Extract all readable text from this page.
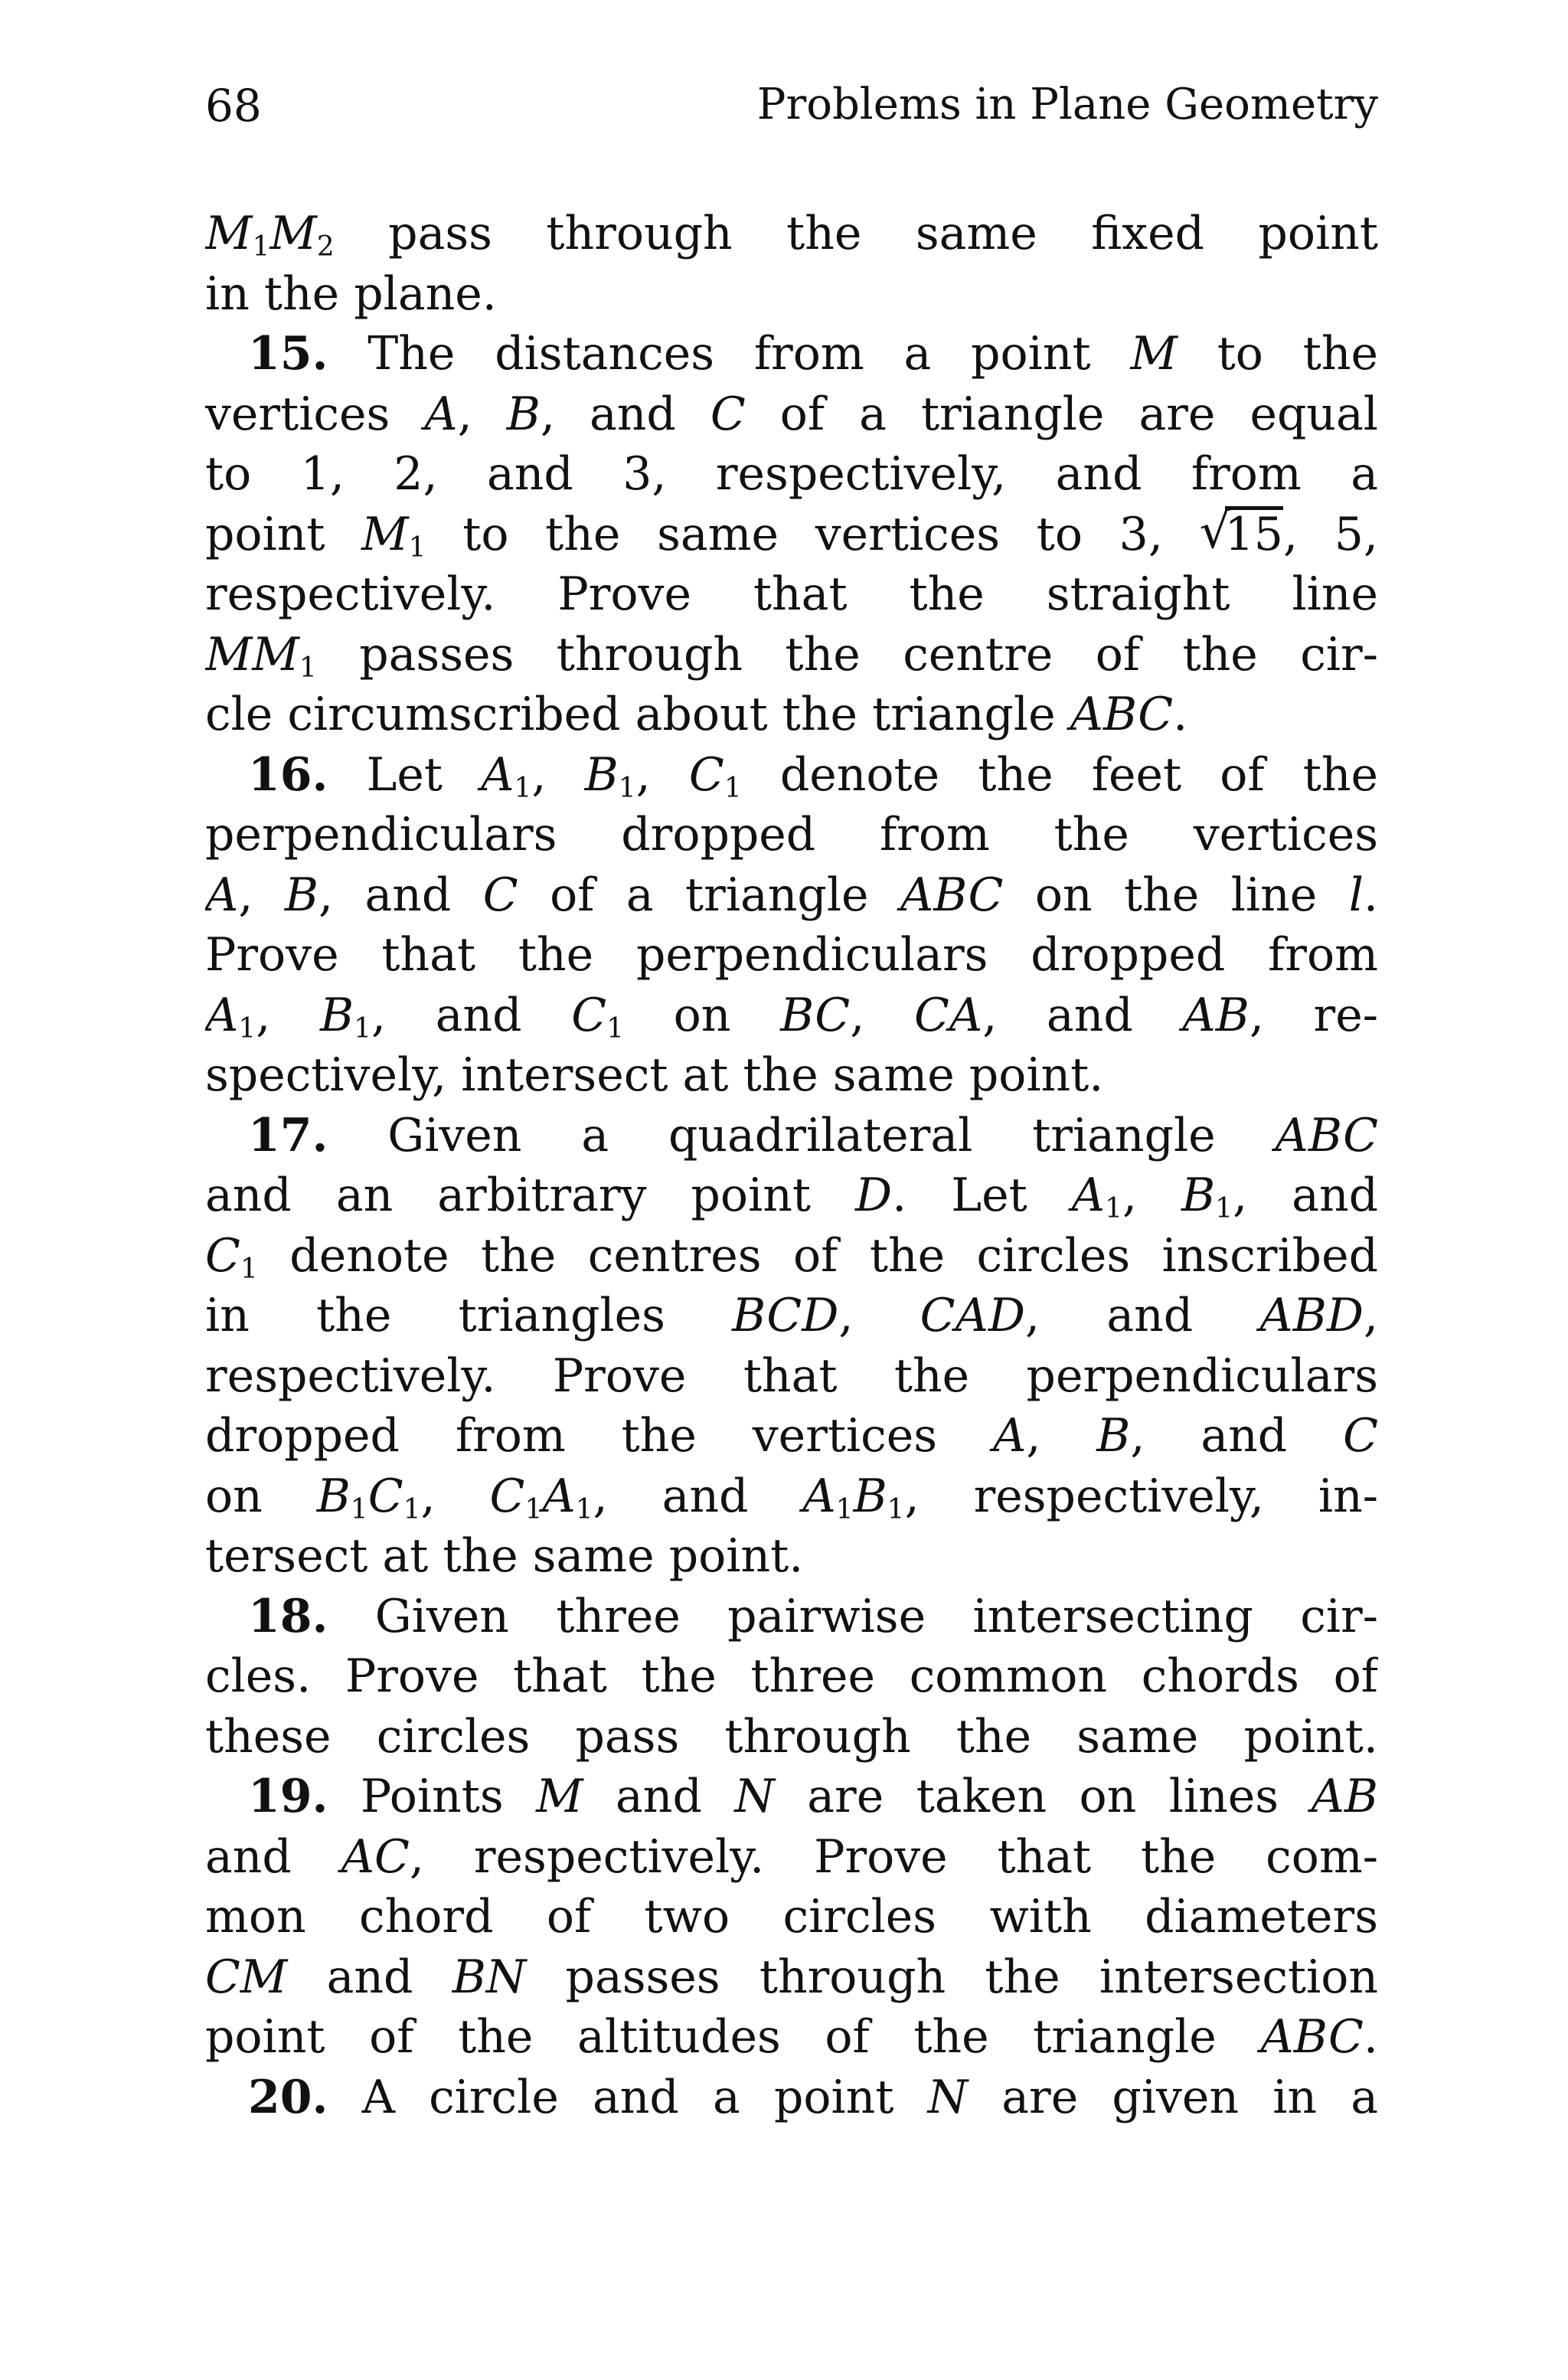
68	Problems in Plane Geometry
$M_1M_2$ pass through the same fixed point
in the plane.
15. The distances from a point M to the
vertices A, B, and C of a triangle are equal
to 1, 2, and 3, respectively, and from a
point $M_1$ to the same vertices to 3, √ 15, 5,
respectively. Prove that the straight line
$MM_1$ passes through the centre of the cir-
cle circumscribed about the triangle ABC.
16. Let $A_1$, $B_1$, $C_1$ denote the feet of the
perpendiculars dropped from the vertices
A, B, and C of a triangle ABC on the line l.
Prove that the perpendiculars dropped from
$A_1$, $B_1$, and $C_1$ on BC, CA, and AB, re-
spectively, intersect at the same point.
17. Given a quadrilateral triangle ABC
and an arbitrary point D. Let $A_1$, $B_1$, and
$C_1$ denote the centres of the circles inscribed
in the triangles BCD, CAD, and ABD,
respectively. Prove that the perpendiculars
dropped from the vertices A, B, and C
on $B_1C_1$, $C_1A_1$, and $A_1B_1$, respectively, in-
tersect at the same point.
18. Given three pairwise intersecting cir-
cles. Prove that the three common chords of
these circles pass through the same point.
19. Points M and N are taken on lines AB
and AC, respectively. Prove that the com-
mon chord of two circles with diameters
CM and BN passes through the intersection
point of the altitudes of the triangle ABC.
20. A circle and a point N are given in a
